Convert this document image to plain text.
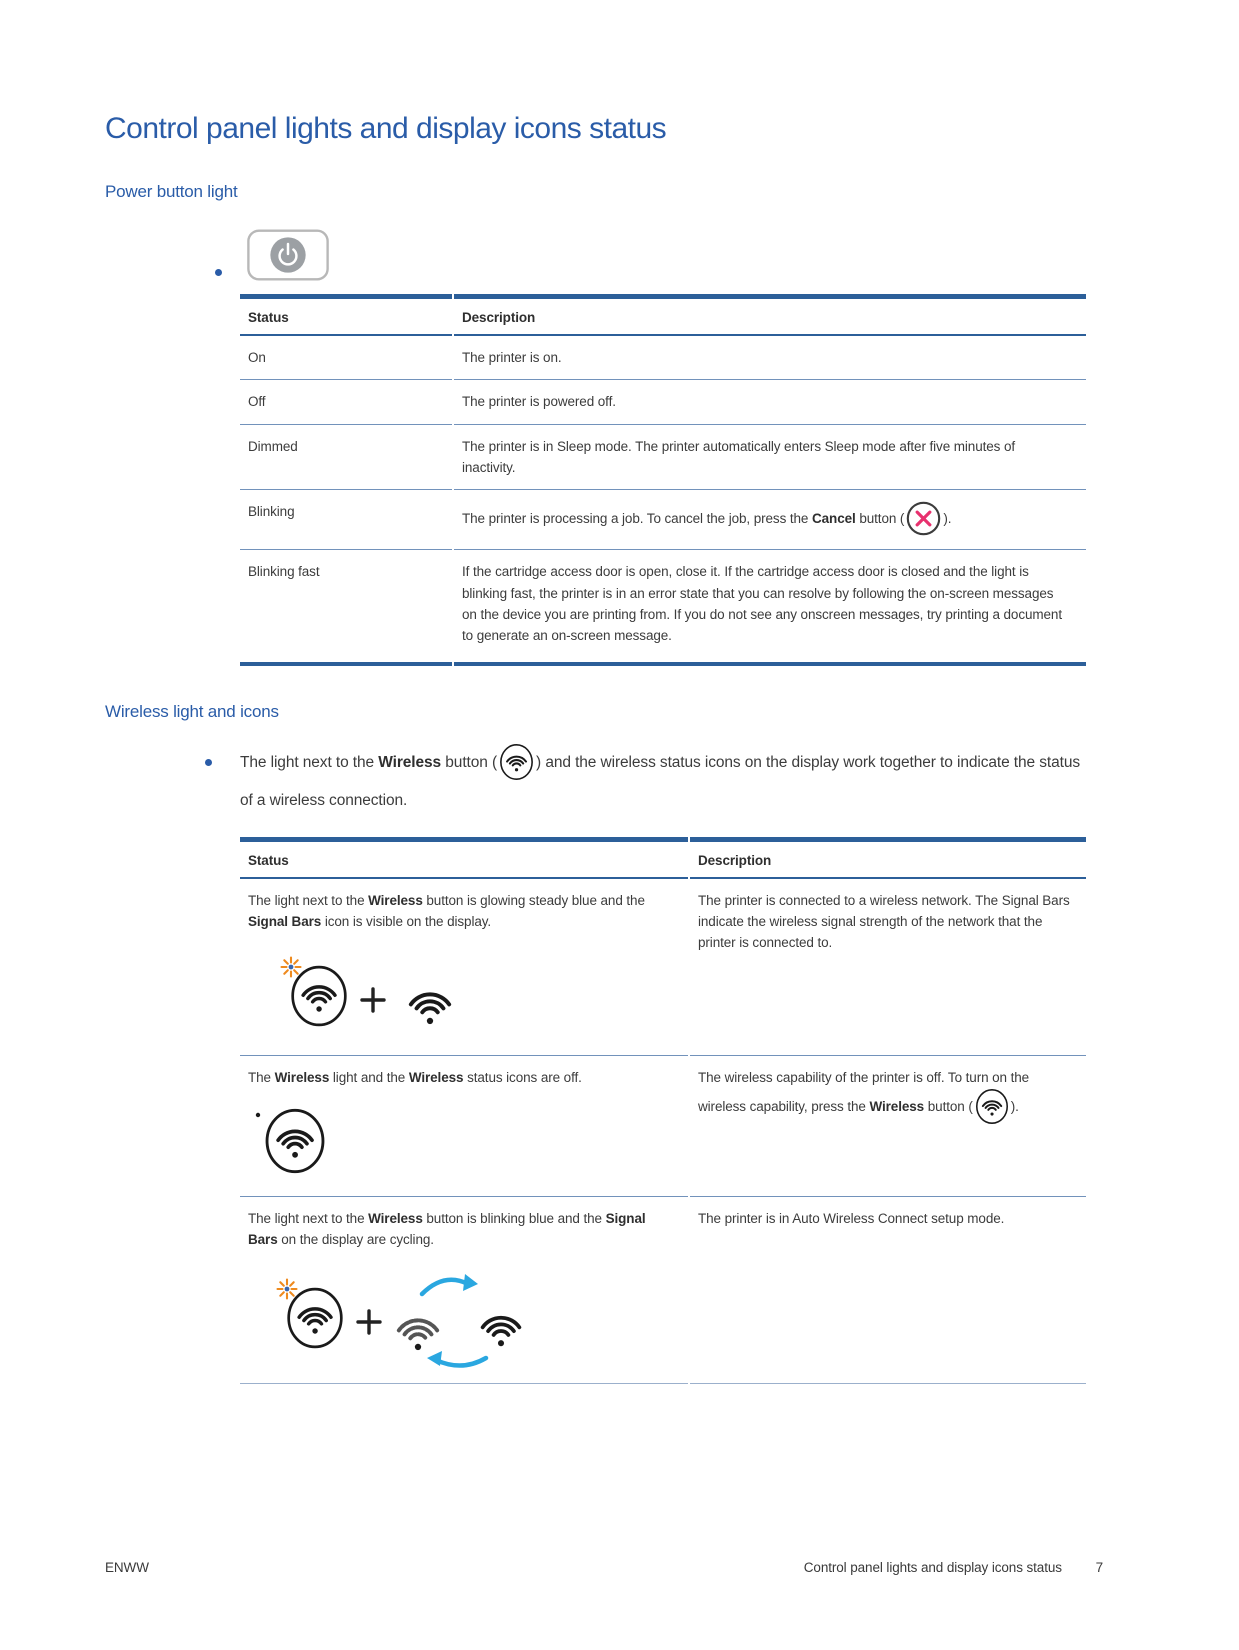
Control panel lights and display icons status
Power button light
Status	Description
On	The printer is on.
Off	The printer is powered off.
Dimmed	The printer is in Sleep mode. The printer automatically enters Sleep mode after five minutes of inactivity.
Blinking	The printer is processing a job. To cancel the job, press the Cancel button ( ).

Blinking fast	If the cartridge access door is open, close it. If the cartridge access door is closed and the light is blinking fast, the printer is in an error state that you can resolve by following the on-screen messages on the device you are printing from. If you do not see any onscreen messages, try printing a document to generate an on-screen message.
Wireless light and icons

The light next to the Wireless button (	) and the wireless status icons on the display work together to indicate the status of a wireless connection.

Status	Description

The light next to the Wireless button is glowing steady blue and the Signal Bars icon is visible on the display.	The printer is connected to a wireless network. The Signal Bars indicate the wireless signal strength of the network that the printer is connected to.

The Wireless light and the Wireless status icons are off.	The wireless capability of the printer is off. To turn on the wireless capability, press the Wireless button ( ).

The light next to the Wireless button is blinking blue and the Signal Bars on the display are cycling.	The printer is in Auto Wireless Connect setup mode.
ENWW	Control panel lights and display icons status 7
